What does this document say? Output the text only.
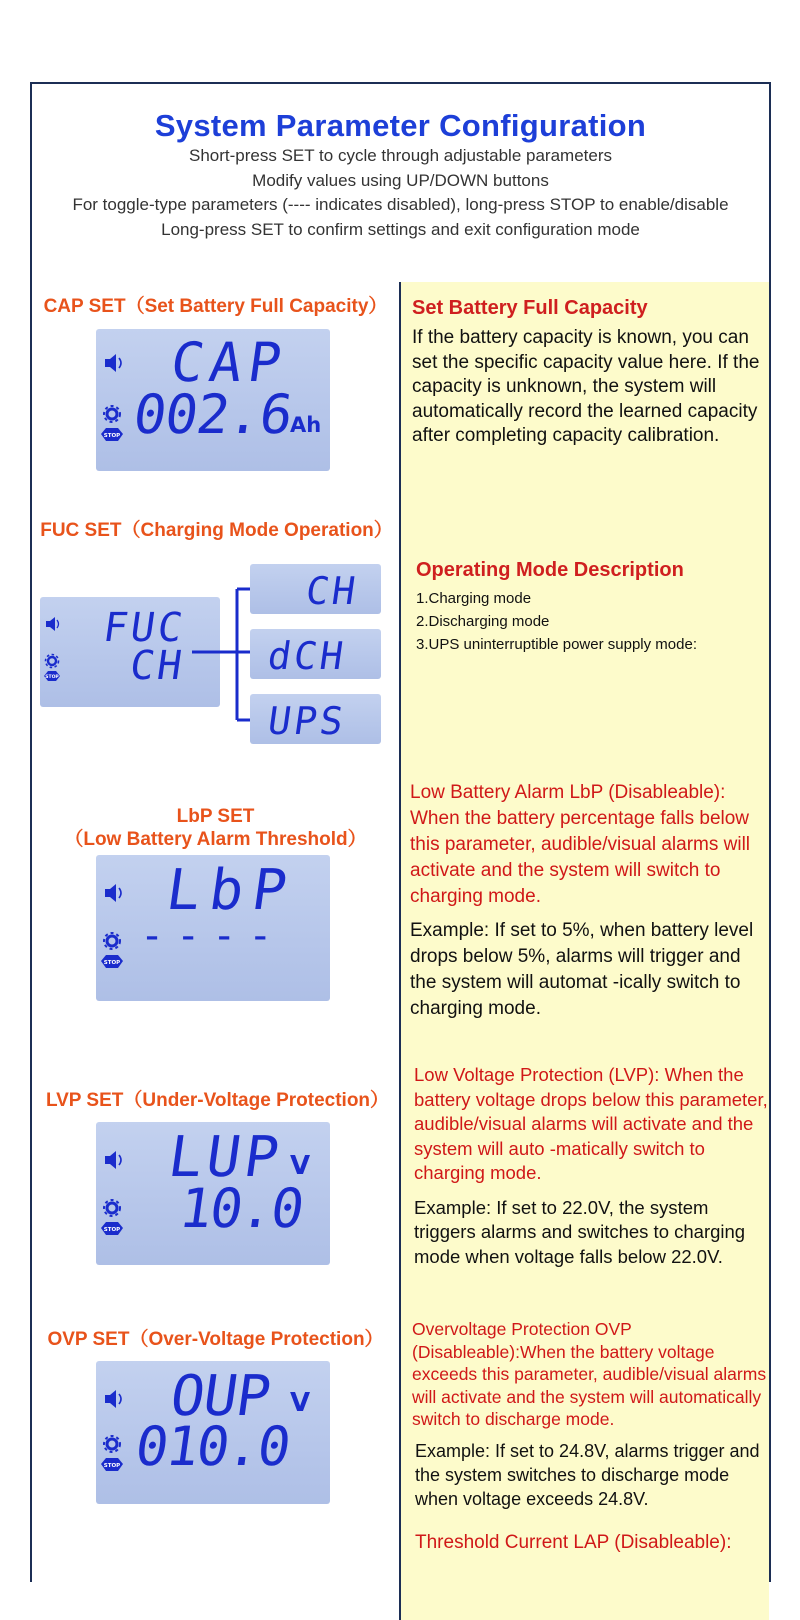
System Parameter Configuration
Short-press SET to cycle through adjustable parameters
Modify values using UP/DOWN buttons
For toggle-type parameters (---- indicates disabled), long-press STOP to enable/disable
Long-press SET to confirm settings and exit configuration mode
CAP SET（Set Battery Full Capacity）
STOP
CAP
002.6
Ah
Set Battery Full Capacity
If the battery capacity is known, you can set the specific capacity value here. If the capacity is unknown, the system will automatically record the learned capacity after completing capacity calibration.
FUC SET（Charging Mode Operation）
STOP
FUC
CH
CH
dCH
UPS
Operating Mode Description
1.Charging mode
2.Discharging mode
3.UPS uninterruptible power supply mode:
LbP SET
（Low Battery Alarm Threshold）
STOP
LbP
----
Low Battery Alarm LbP (Disableable): When the battery percentage falls below this parameter, audible/visual alarms will activate and the system will switch to charging mode.
Example: If set to 5%, when battery level drops below 5%, alarms will trigger and the system will automat -ically switch to charging mode.
LVP SET（Under-Voltage Protection）
STOP
LUP V
10.0
Low Voltage Protection (LVP): When the battery voltage drops below this parameter, audible/visual alarms will activate and the system will auto -matically switch to charging mode.
Example: If set to 22.0V, the system triggers alarms and switches to charging mode when voltage falls below 22.0V.
OVP SET（Over-Voltage Protection）
STOP
OUP V
010.0
Overvoltage Protection OVP (Disableable):When the battery voltage exceeds this parameter, audible/visual alarms will activate and the system will automatically switch to discharge mode.
Example: If set to 24.8V, alarms trigger and the system switches to discharge mode when voltage exceeds 24.8V.
Threshold Current LAP (Disableable):
